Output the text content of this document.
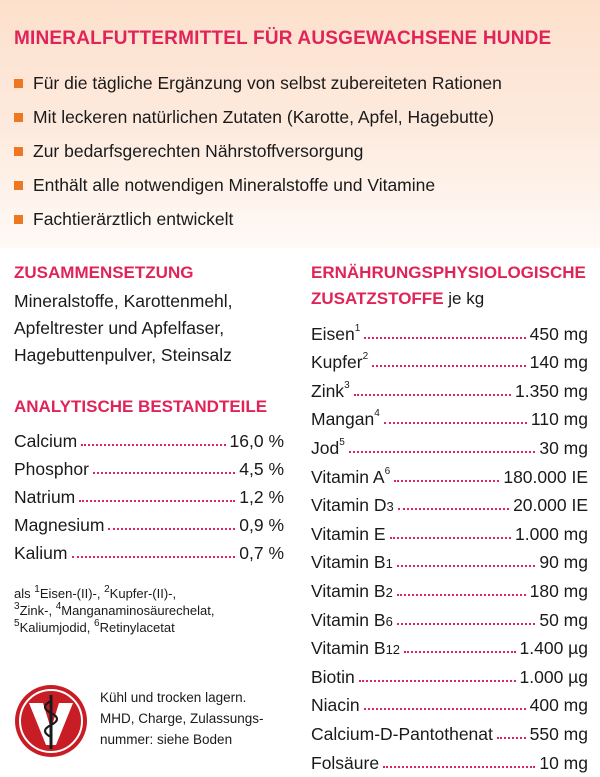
MINERALFUTTERMITTEL FÜR AUSGEWACHSENE HUNDE
Für die tägliche Ergänzung von selbst zubereiteten Rationen
Mit leckeren natürlichen Zutaten (Karotte, Apfel, Hagebutte)
Zur bedarfsgerechten Nährstoffversorgung
Enthält alle notwendigen Mineralstoffe und Vitamine
Fachtierärztlich entwickelt
ZUSAMMENSETZUNG
Mineralstoffe, Karottenmehl,
Apfeltrester und Apfelfaser,
Hagebuttenpulver, Steinsalz
ANALYTISCHE BESTANDTEILE
Calcium	16,0 %
Phosphor	4,5 %
Natrium	1,2 %
Magnesium	0,9 %
Kalium	0,7 %
als $^1$Eisen-(II)-, $^2$Kupfer-(II)-,
$^3$Zink-, $^4$Manganaminosäurechelat,
$^5$Kaliumjodid, $^6$Retinylacetat
Kühl und trocken lagern.
MHD, Charge, Zulassungs-
nummer: siehe Boden
ERNÄHRUNGSPHYSIOLOGISCHE
ZUSATZSTOFFE je kg
Eisen$^1$	450 mg
Kupfer$^2$	140 mg
Zink$^3$	1.350 mg
Mangan$^4$	110 mg
Jod$^5$	30 mg
Vitamin $A^6$	180.000 IE
Vitamin D3	20.000 IE
Vitamin E	1.000 mg
Vitamin B1	90 mg
Vitamin B2	180 mg
Vitamin B6	50 mg
Vitamin B12	1.400 µg
Biotin	1.000 µg
Niacin	400 mg
Calcium-D-Pantothenat 550 mg
Folsäure	10 mg
